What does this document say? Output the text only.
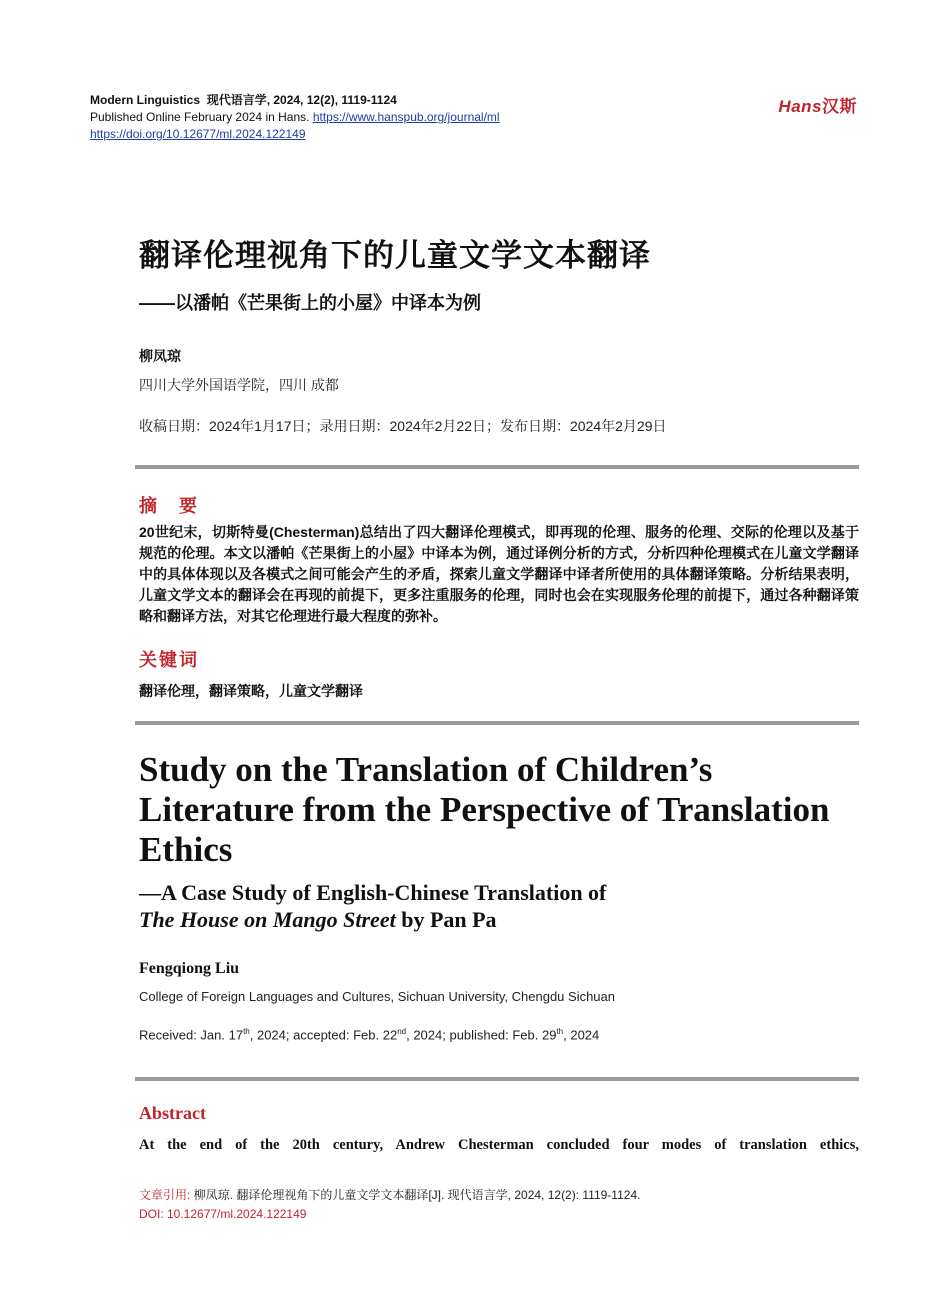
Modern Linguistics 现代语言学, 2024, 12(2), 1119-1124
Published Online February 2024 in Hans. https://www.hanspub.org/journal/ml
https://doi.org/10.12677/ml.2024.122149
Hans汉斯
翻译伦理视角下的儿童文学文本翻译
——以潘帕《芒果街上的小屋》中译本为例
柳凤琼
四川大学外国语学院，四川 成都
收稿日期：2024年1月17日；录用日期：2024年2月22日；发布日期：2024年2月29日
摘　要
20世纪末，切斯特曼(Chesterman)总结出了四大翻译伦理模式，即再现的伦理、服务的伦理、交际的伦理以及基于规范的伦理。本文以潘帕《芒果街上的小屋》中译本为例，通过译例分析的方式，分析四种伦理模式在儿童文学翻译中的具体体现以及各模式之间可能会产生的矛盾，探索儿童文学翻译中译者所使用的具体翻译策略。分析结果表明，儿童文学文本的翻译会在再现的前提下，更多注重服务的伦理，同时也会在实现服务伦理的前提下，通过各种翻译策略和翻译方法，对其它伦理进行最大程度的弥补。
关键词
翻译伦理，翻译策略，儿童文学翻译
Study on the Translation of Children’s Literature from the Perspective of Translation Ethics
—A Case Study of English-Chinese Translation of
The House on Mango Street by Pan Pa
Fengqiong Liu
College of Foreign Languages and Cultures, Sichuan University, Chengdu Sichuan
Received: Jan. 17th, 2024; accepted: Feb. 22nd, 2024; published: Feb. 29th, 2024
Abstract
At the end of the 20th century, Andrew Chesterman concluded four modes of translation ethics,
文章引用: 柳凤琼. 翻译伦理视角下的儿童文学文本翻译[J]. 现代语言学, 2024, 12(2): 1119-1124.
DOI: 10.12677/ml.2024.122149
